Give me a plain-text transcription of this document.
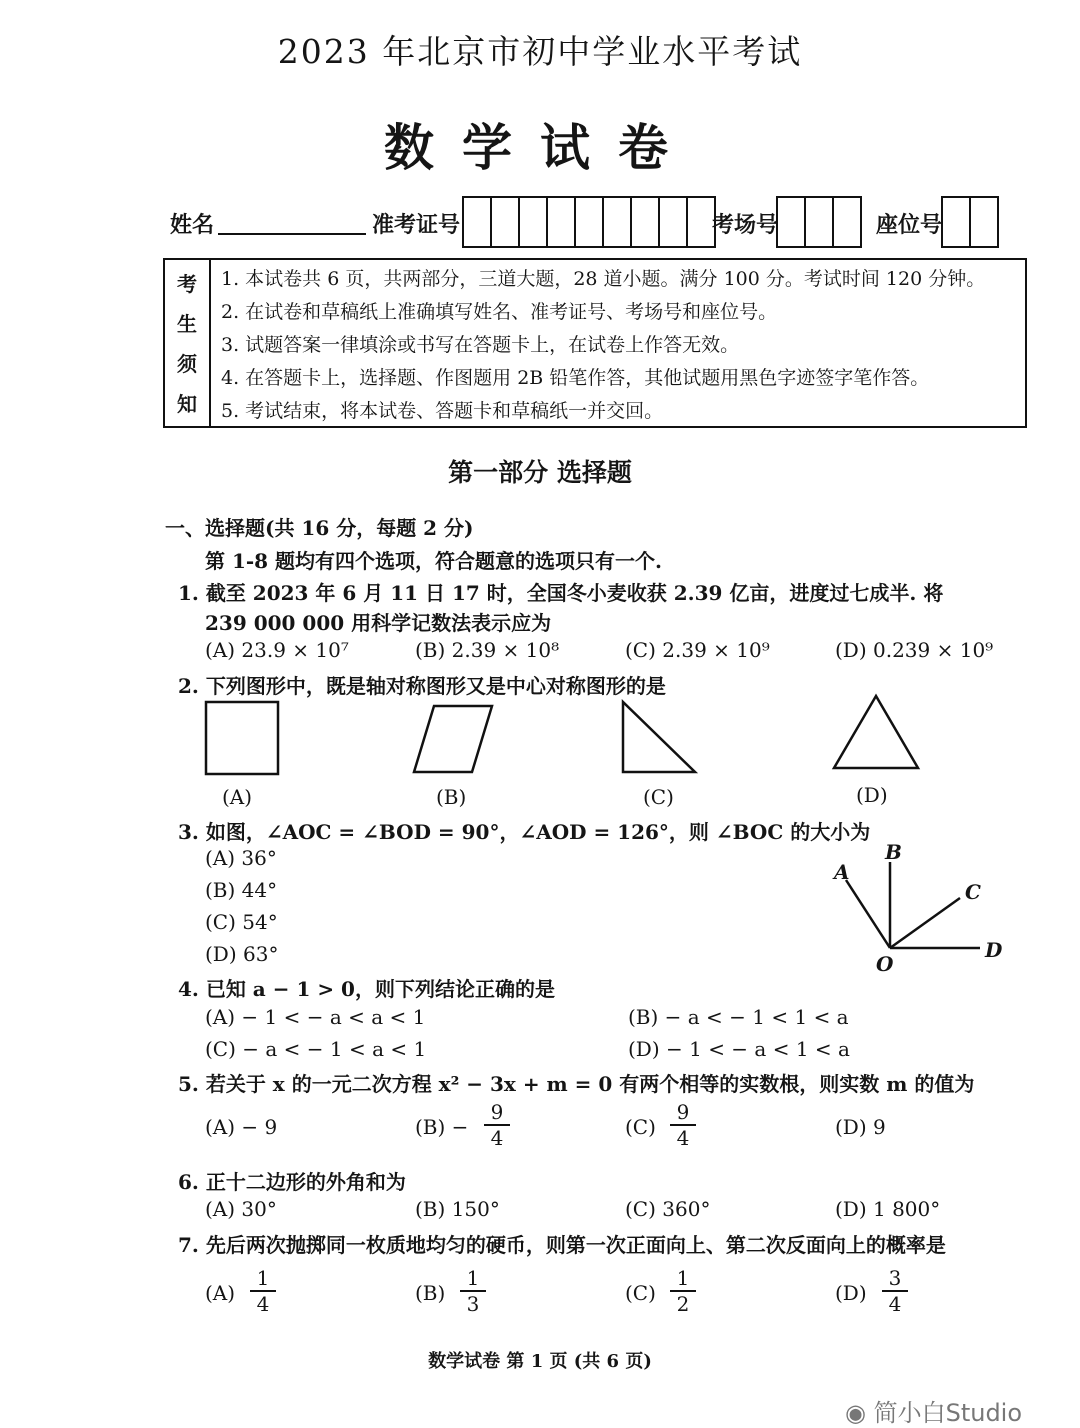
2023 年北京市初中学业水平考试
数学试卷
姓名	准考证号	考场号	座位号
考
生
须
知
1. 本试卷共 6 页，共两部分，三道大题，28 道小题。满分 100 分。考试时间 120 分钟。
2. 在试卷和草稿纸上准确填写姓名、准考证号、考场号和座位号。
3. 试题答案一律填涂或书写在答题卡上，在试卷上作答无效。
4. 在答题卡上，选择题、作图题用 2B 铅笔作答，其他试题用黑色字迹签字笔作答。
5. 考试结束，将本试卷、答题卡和草稿纸一并交回。
第一部分 选择题
一、选择题(共 16 分，每题 2 分)
第 1-8 题均有四个选项，符合题意的选项只有一个.
1. 截至 2023 年 6 月 11 日 17 时，全国冬小麦收获 2.39 亿亩，进度过七成半. 将
239 000 000 用科学记数法表示应为
(A) 23.9 × 10⁷	(B) 2.39 × 10⁸	(C) 2.39 × 10⁹	(D) 0.239 × 10⁹
2. 下列图形中，既是轴对称图形又是中心对称图形的是
(A)	(B)	(C)	(D)
3. 如图，∠AOC = ∠BOD = 90°，∠AOD = 126°，则 ∠BOC 的大小为
(A) 36°
(B) 44°
(C) 54°
(D) 63°
A
B
C
D
O
4. 已知 a − 1 > 0，则下列结论正确的是
(A) − 1 < − a < a < 1	(B) − a < − 1 < 1 < a
(C) − a < − 1 < a < 1	(D) − 1 < − a < 1 < a
5. 若关于 x 的一元二次方程 x² − 3x + m = 0 有两个相等的实数根，则实数 m 的值为
(A) − 9	$(B) - \frac{9}{4}$	$(C) \frac{9}{4}$	(D) 9
6. 正十二边形的外角和为
(A) 30°	(B) 150°	(C) 360°	(D) 1 800°
7. 先后两次抛掷同一枚质地均匀的硬币，则第一次正面向上、第二次反面向上的概率是
$(A) \frac{1}{4}$	$(B) \frac{1}{3}$	$(C) \frac{1}{2}$	$(D) \frac{3}{4}$
数学试卷 第 1 页 (共 6 页)
◉ 简小白Studio
